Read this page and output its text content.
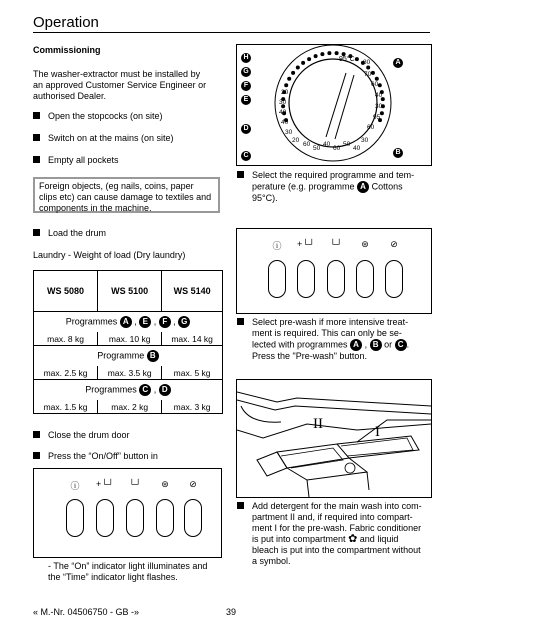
Operation
Commissioning
The washer-extractor must be installed by
an approved Customer Service Engineer or
authorised Dealer.
Open the stopcocks (on site)
Switch on at the mains (on site)
Empty all pockets
Foreign objects, (eg nails, coins, paper
clips etc) can cause damage to textiles and
components in the machine.
Load the drum
Laundry - Weight of load (Dry laundry)
WS 5080	WS 5100	WS 5140
Programmes A , E , F , G		
max. 8 kg	max. 10 kg	max. 14 kg
Programme B		
max. 2.5 kg	max. 3.5 kg	max. 5 kg
Programmes C , D		
max. 1.5 kg	max. 2 kg	max. 3 kg
Close the drum door
Press the “On/Off” button in
ⓘ	+└┘	└┘	⊛	⊘
- The “On” indicator light illuminates and
the “Time” indicator light flashes.
H
G
F
E
D
C
A
B
95°C
20
30
40
40
30
20
70
60
40
30
95
60
60
50
40
60
50
40
30
80
Select the required programme and tem-
perature (e.g. programme A Cottons
95°C).
ⓘ	+└┘	└┘	⊛	⊘
Select pre-wash if more intensive treat-
ment is required. This can only be se-
lected with programmes A , B or C .
Press the "Pre-wash" button.
II	I
Add detergent for the main wash into com-
partment II and, if required into compart-
ment I for the pre-wash. Fabric conditioner
is put into compartment ✿ and liquid
bleach is put into the compartment without
a symbol.
« M.-Nr. 04506750 - GB -»	39
